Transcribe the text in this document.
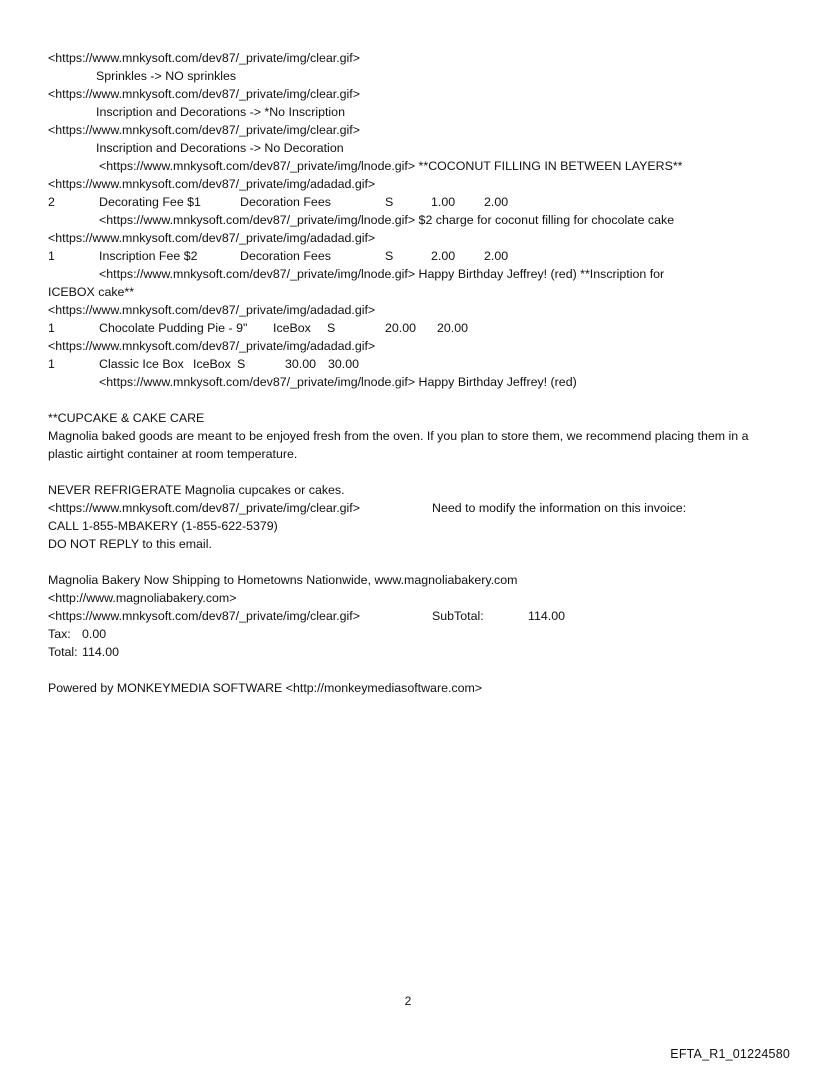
<https://www.mnkysoft.com/dev87/_private/img/clear.gif>
Sprinkles -> NO sprinkles
<https://www.mnkysoft.com/dev87/_private/img/clear.gif>
Inscription and Decorations -> *No Inscription
<https://www.mnkysoft.com/dev87/_private/img/clear.gif>
Inscription and Decorations -> No Decoration
<https://www.mnkysoft.com/dev87/_private/img/lnode.gif> **COCONUT FILLING IN BETWEEN LAYERS**
<https://www.mnkysoft.com/dev87/_private/img/adadad.gif>
2	Decorating Fee $1	Decoration Fees	S	1.00 2.00
<https://www.mnkysoft.com/dev87/_private/img/lnode.gif> $2 charge for coconut filling for chocolate cake
<https://www.mnkysoft.com/dev87/_private/img/adadad.gif>
1	Inscription Fee $2	Decoration Fees	S	2.00 2.00
<https://www.mnkysoft.com/dev87/_private/img/lnode.gif> Happy Birthday Jeffrey! (red) **Inscription for
ICEBOX cake**
<https://www.mnkysoft.com/dev87/_private/img/adadad.gif>
1	Chocolate Pudding Pie - 9" IceBox S	20.00 20.00
<https://www.mnkysoft.com/dev87/_private/img/adadad.gif>
1	Classic Ice Box IceBox S	30.00 30.00
<https://www.mnkysoft.com/dev87/_private/img/lnode.gif> Happy Birthday Jeffrey! (red)
**CUPCAKE & CAKE CARE
Magnolia baked goods are meant to be enjoyed fresh from the oven. If you plan to store them, we recommend placing them in a plastic airtight container at room temperature.
NEVER REFRIGERATE Magnolia cupcakes or cakes.
<https://www.mnkysoft.com/dev87/_private/img/clear.gif>	Need to modify the information on this invoice:
CALL 1-855-MBAKERY (1-855-622-5379)
DO NOT REPLY to this email.
Magnolia Bakery Now Shipping to Hometowns Nationwide, www.magnoliabakery.com
<http://www.magnoliabakery.com>
<https://www.mnkysoft.com/dev87/_private/img/clear.gif>	SubTotal:	114.00
Tax: 0.00
Total: 114.00
Powered by MONKEYMEDIA SOFTWARE <http://monkeymediasoftware.com>
2
EFTA_R1_01224580
